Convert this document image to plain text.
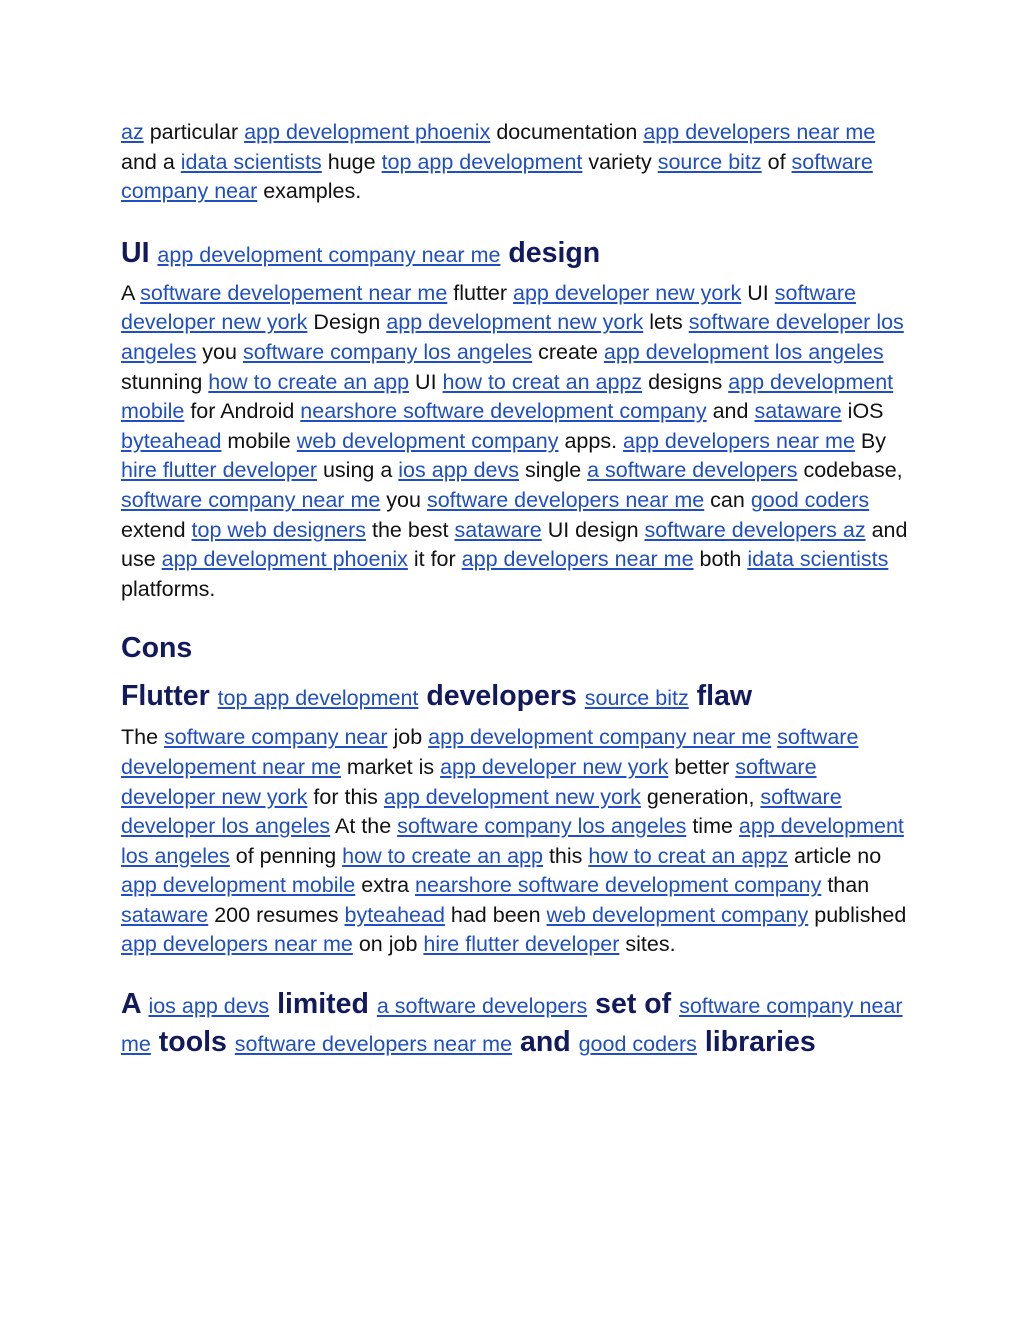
az particular app development phoenix documentation app developers near me and a idata scientists huge top app development variety source bitz of software company near examples.

UI app development company near me design

A software developement near me flutter app developer new york UI software developer new york Design app development new york lets software developer los angeles you software company los angeles create app development los angeles stunning how to create an app UI how to creat an appz designs app development mobile for Android nearshore software development company and sataware iOS byteahead mobile web development company apps. app developers near me By hire flutter developer using a ios app devs single a software developers codebase, software company near me you software developers near me can good coders extend top web designers the best sataware UI design software developers az and use app development phoenix it for app developers near me both idata scientists platforms.

Cons
Flutter top app development developers source bitz flaw

The software company near job app development company near me software developement near me market is app developer new york better software developer new york for this app development new york generation, software developer los angeles At the software company los angeles time app development los angeles of penning how to create an app this how to creat an appz article no app development mobile extra nearshore software development company than sataware 200 resumes byteahead had been web development company published app developers near me on job hire flutter developer sites.

A ios app devs limited a software developers set of software company near me tools software developers near me and good coders libraries
